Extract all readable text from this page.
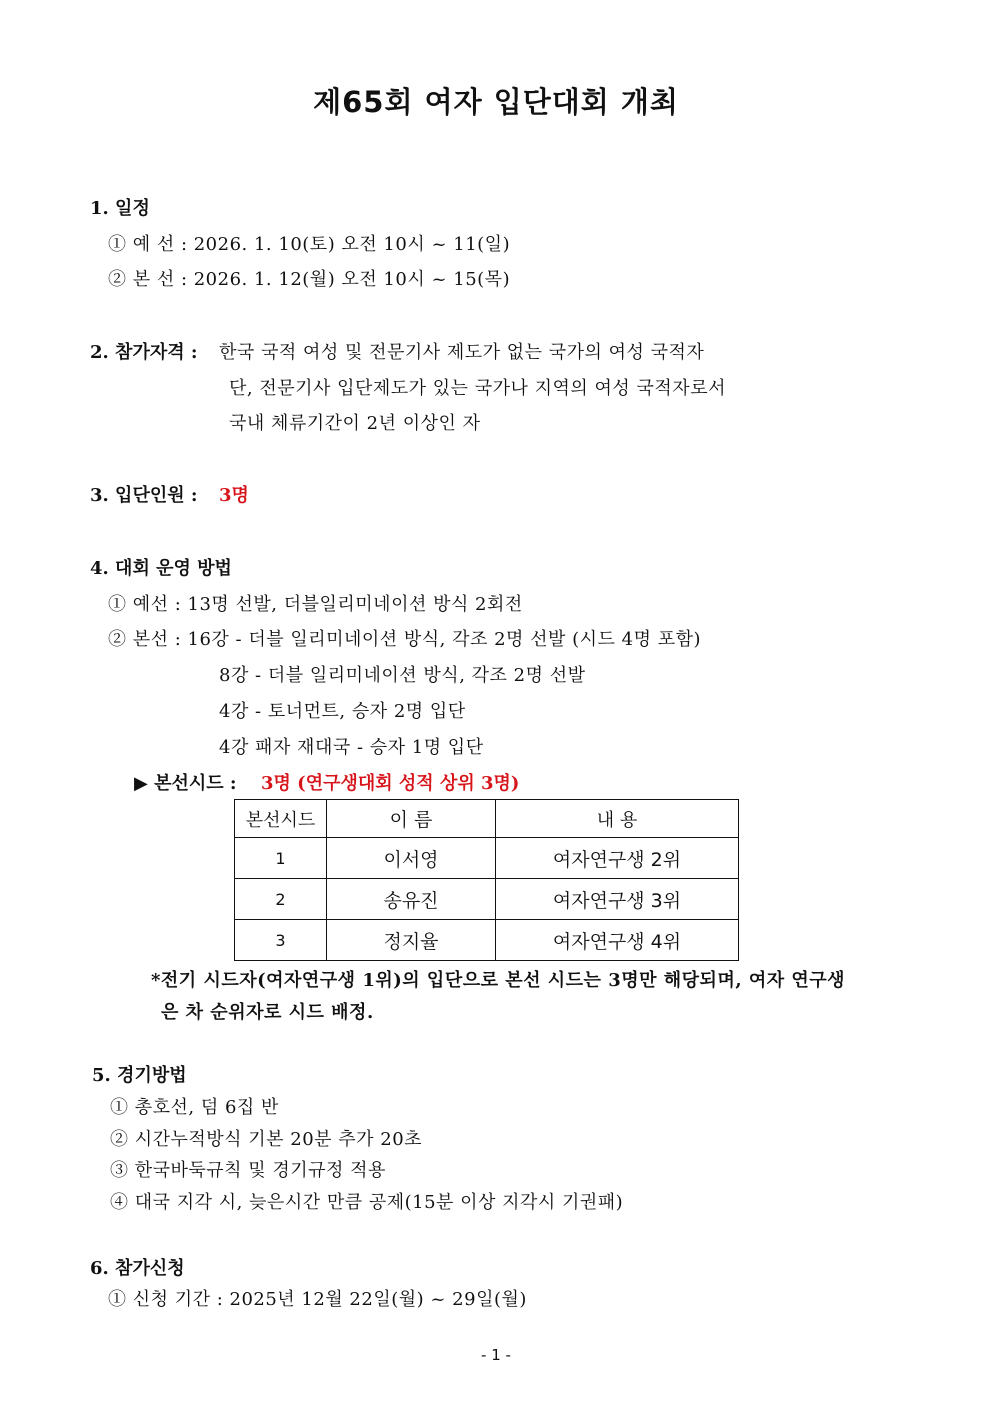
제65회 여자 입단대회 개최
1. 일정
① 예 선 : 2026. 1. 10(토) 오전 10시 ~ 11(일)
② 본 선 : 2026. 1. 12(월) 오전 10시 ~ 15(목)
2. 참가자격 : 한국 국적 여성 및 전문기사 제도가 없는 국가의 여성 국적자
단, 전문기사 입단제도가 있는 국가나 지역의 여성 국적자로서
국내 체류기간이 2년 이상인 자
3. 입단인원 : 3명
4. 대회 운영 방법
① 예선 : 13명 선발, 더블일리미네이션 방식 2회전
② 본선 : 16강 - 더블 일리미네이션 방식, 각조 2명 선발 (시드 4명 포함)
8강 - 더블 일리미네이션 방식, 각조 2명 선발
4강 - 토너먼트, 승자 2명 입단
4강 패자 재대국 - 승자 1명 입단
▶ 본선시드 : 3명 (연구생대회 성적 상위 3명)
본선시드	이 름	내 용
1	이서영	여자연구생 2위
2	송유진	여자연구생 3위
3	정지율	여자연구생 4위
*전기 시드자(여자연구생 1위)의 입단으로 본선 시드는 3명만 해당되며, 여자 연구생
은 차 순위자로 시드 배정.
5. 경기방법
① 총호선, 덤 6집 반
② 시간누적방식 기본 20분 추가 20초
③ 한국바둑규칙 및 경기규정 적용
④ 대국 지각 시, 늦은시간 만큼 공제(15분 이상 지각시 기권패)
6. 참가신청
① 신청 기간 : 2025년 12월 22일(월) ~ 29일(월)
- 1 -
